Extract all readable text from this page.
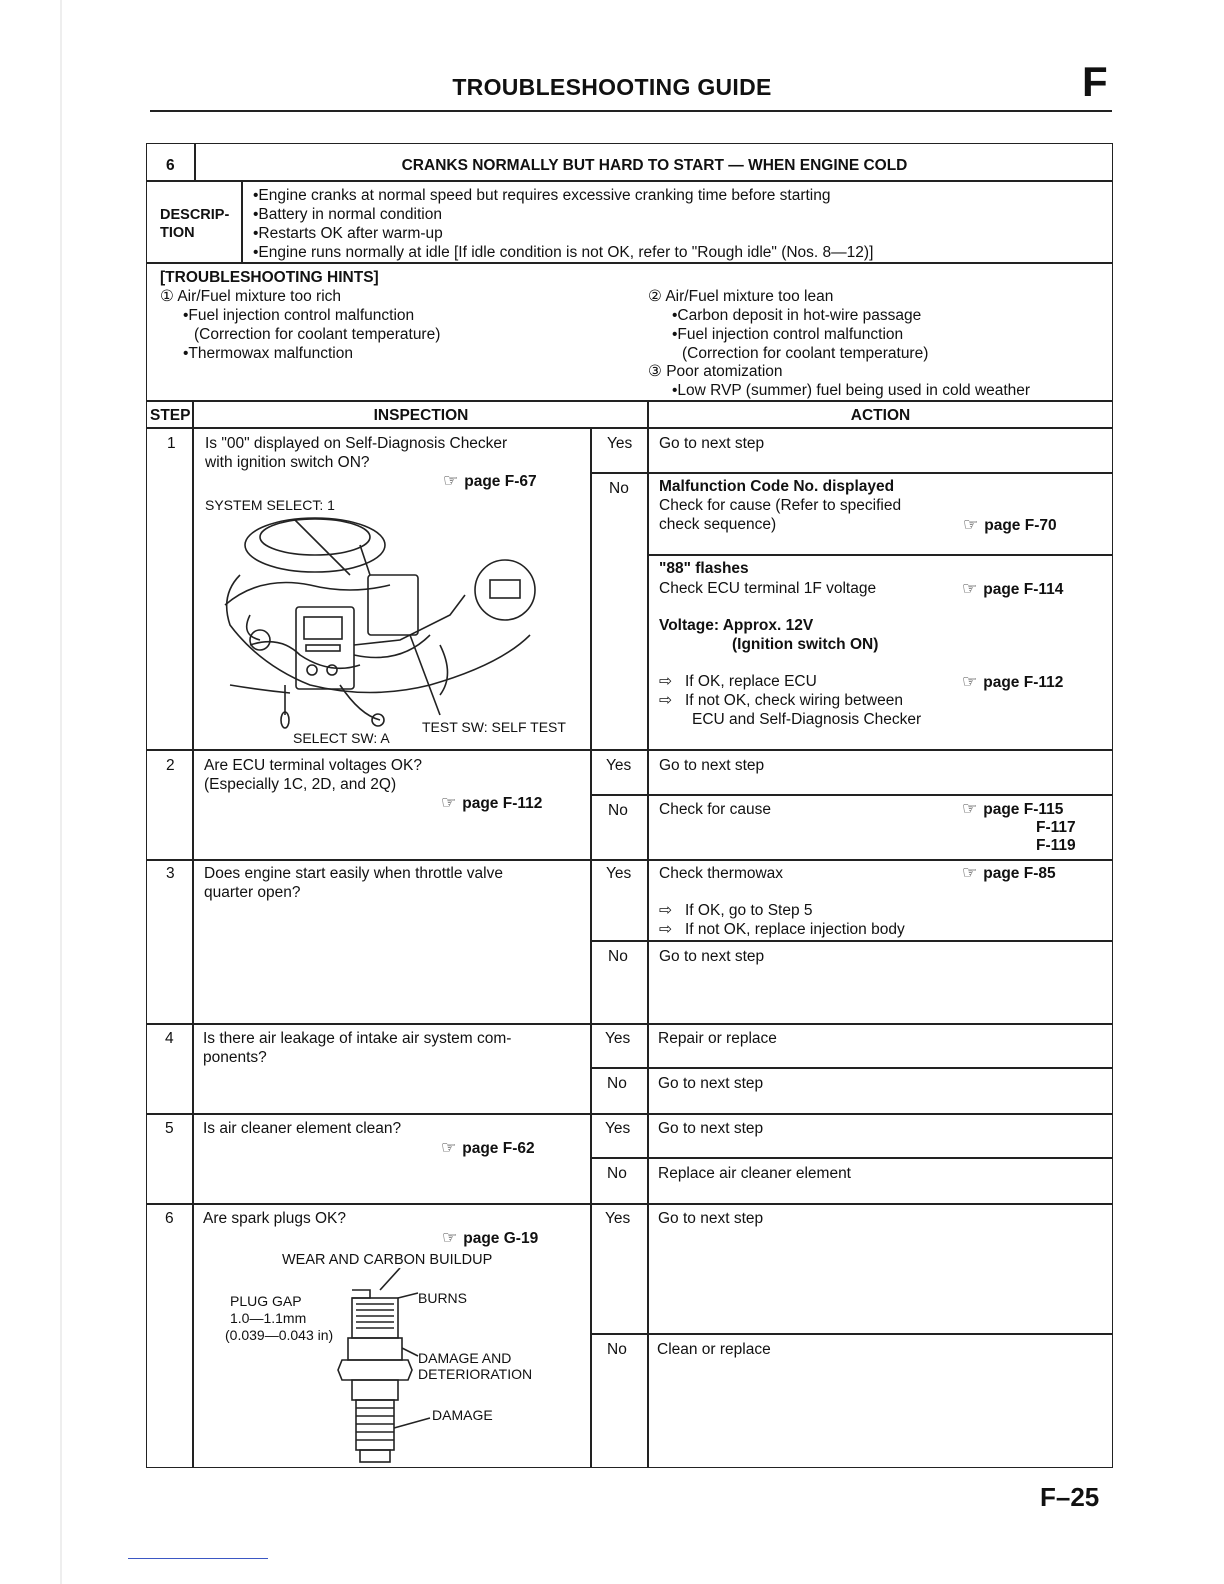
TROUBLESHOOTING GUIDE	F
6	CRANKS NORMALLY BUT HARD TO START — WHEN ENGINE COLD
DESCRIP-
TION
•Engine cranks at normal speed but requires excessive cranking time before starting
•Battery in normal condition
•Restarts OK after warm-up
•Engine runs normally at idle [If idle condition is not OK, refer to "Rough idle" (Nos. 8—12)]
[TROUBLESHOOTING HINTS]
① Air/Fuel mixture too rich
•Fuel injection control malfunction
(Correction for coolant temperature)
•Thermowax malfunction
② Air/Fuel mixture too lean
•Carbon deposit in hot-wire passage
•Fuel injection control malfunction
(Correction for coolant temperature)
③ Poor atomization
•Low RVP (summer) fuel being used in cold weather
STEP	INSPECTION	ACTION
1 Is "00" displayed on Self-Diagnosis Checker
with ignition switch ON?
☞ page F-67
SYSTEM SELECT: 1
SELECT SW: A
TEST SW: SELF TEST
Yes Go to next step
No Malfunction Code No. displayed
Check for cause (Refer to specified
check sequence)	☞ page F-70
"88" flashes
Check ECU terminal 1F voltage	☞ page F-114
Voltage: Approx. 12V
(Ignition switch ON)
⇨ If OK, replace ECU	☞ page F-112
⇨ If not OK, check wiring between
ECU and Self-Diagnosis Checker
2 Are ECU terminal voltages OK?
(Especially 1C, 2D, and 2Q)
☞ page F-112
Yes Go to next step
No Check for cause	☞ page F-115
F-117
F-119
3 Does engine start easily when throttle valve
quarter open?
Yes Check thermowax	☞ page F-85
⇨ If OK, go to Step 5
⇨ If not OK, replace injection body
No Go to next step
4 Is there air leakage of intake air system com-
ponents?
Yes Repair or replace
No Go to next step
5 Is air cleaner element clean?
☞ page F-62
Yes Go to next step
No Replace air cleaner element
6 Are spark plugs OK?
☞ page G-19
WEAR AND CARBON BUILDUP
PLUG GAP
1.0—1.1mm
(0.039—0.043 in)
BURNS
DAMAGE AND
DETERIORATION
DAMAGE
Yes Go to next step
No Clean or replace
F–25
